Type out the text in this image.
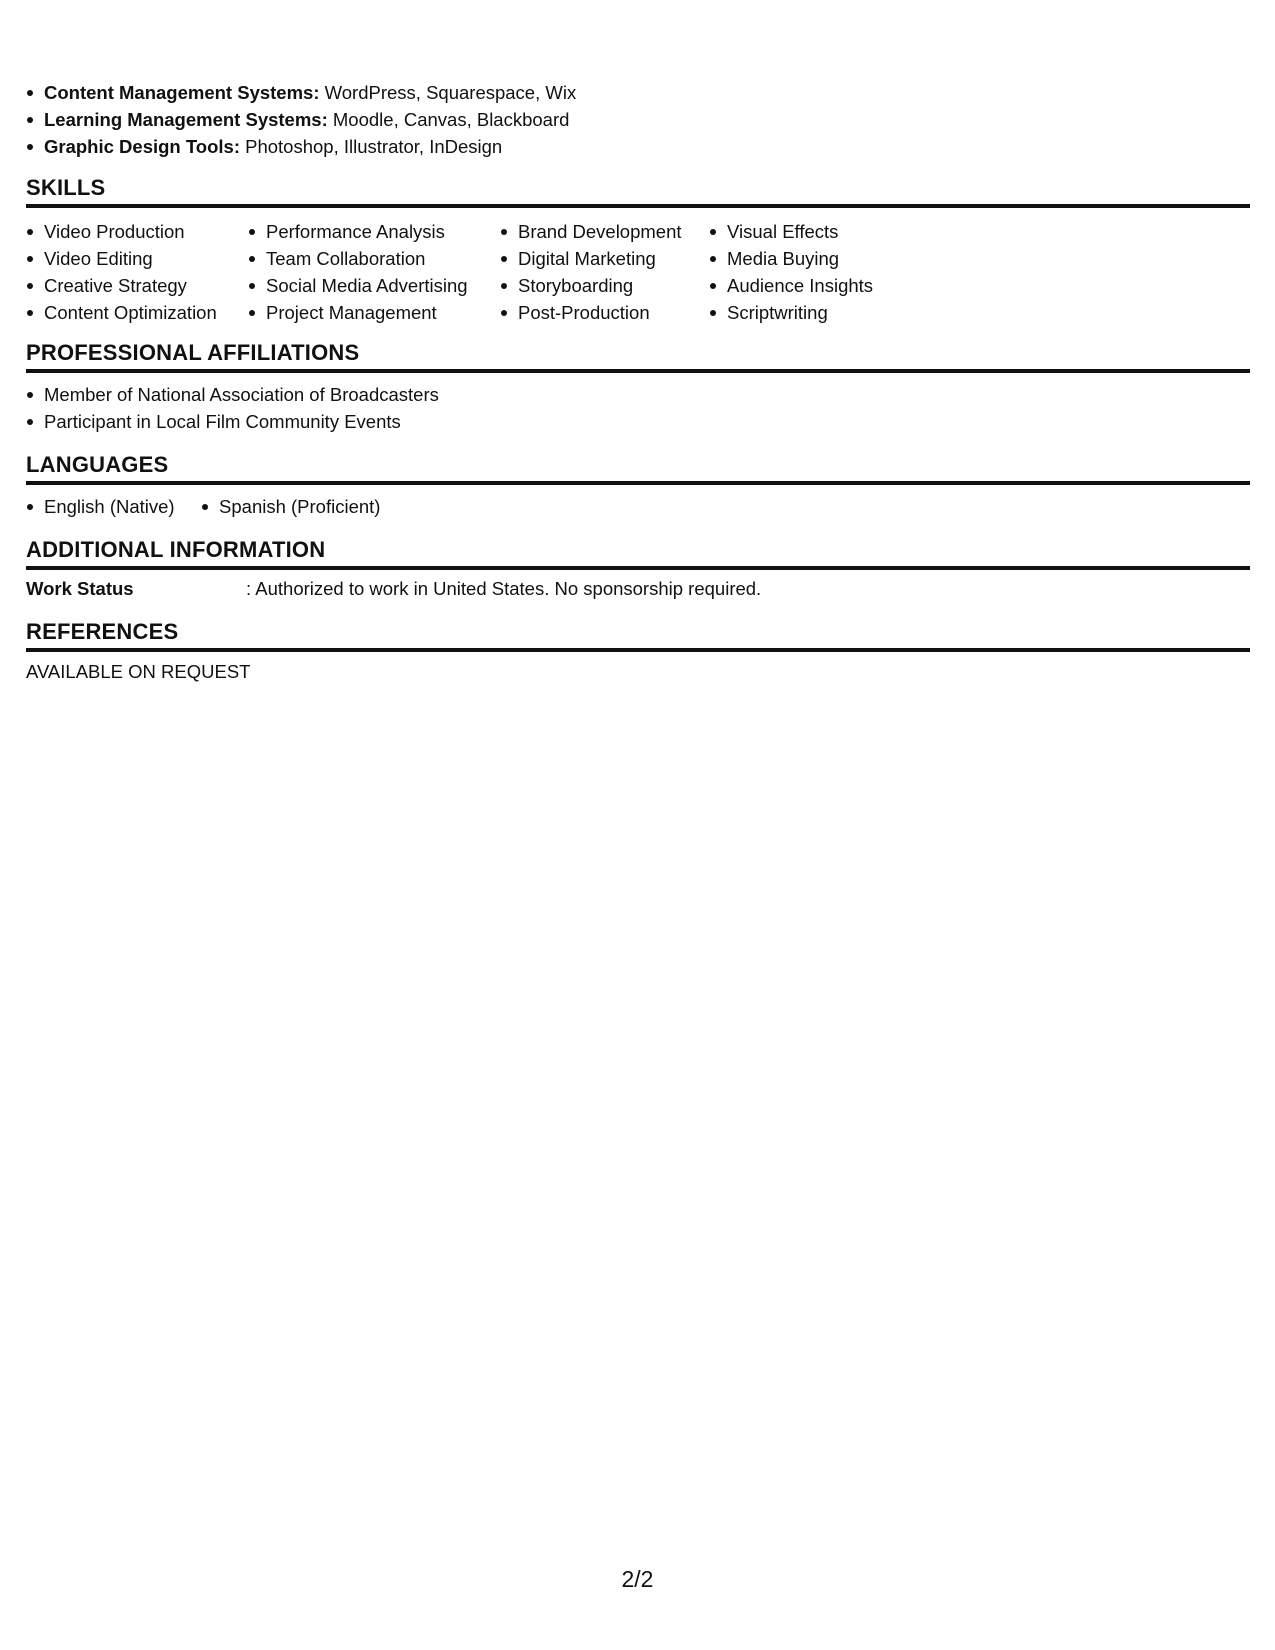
Content Management Systems: WordPress, Squarespace, Wix
Learning Management Systems: Moodle, Canvas, Blackboard
Graphic Design Tools: Photoshop, Illustrator, InDesign
SKILLS
Video Production
Video Editing
Creative Strategy
Content Optimization
Performance Analysis
Team Collaboration
Social Media Advertising
Project Management
Brand Development
Digital Marketing
Storyboarding
Post-Production
Visual Effects
Media Buying
Audience Insights
Scriptwriting
PROFESSIONAL AFFILIATIONS
Member of National Association of Broadcasters
Participant in Local Film Community Events
LANGUAGES
English (Native) Spanish (Proficient)
ADDITIONAL INFORMATION
Work Status	: Authorized to work in United States. No sponsorship required.
REFERENCES
AVAILABLE ON REQUEST
2/2
